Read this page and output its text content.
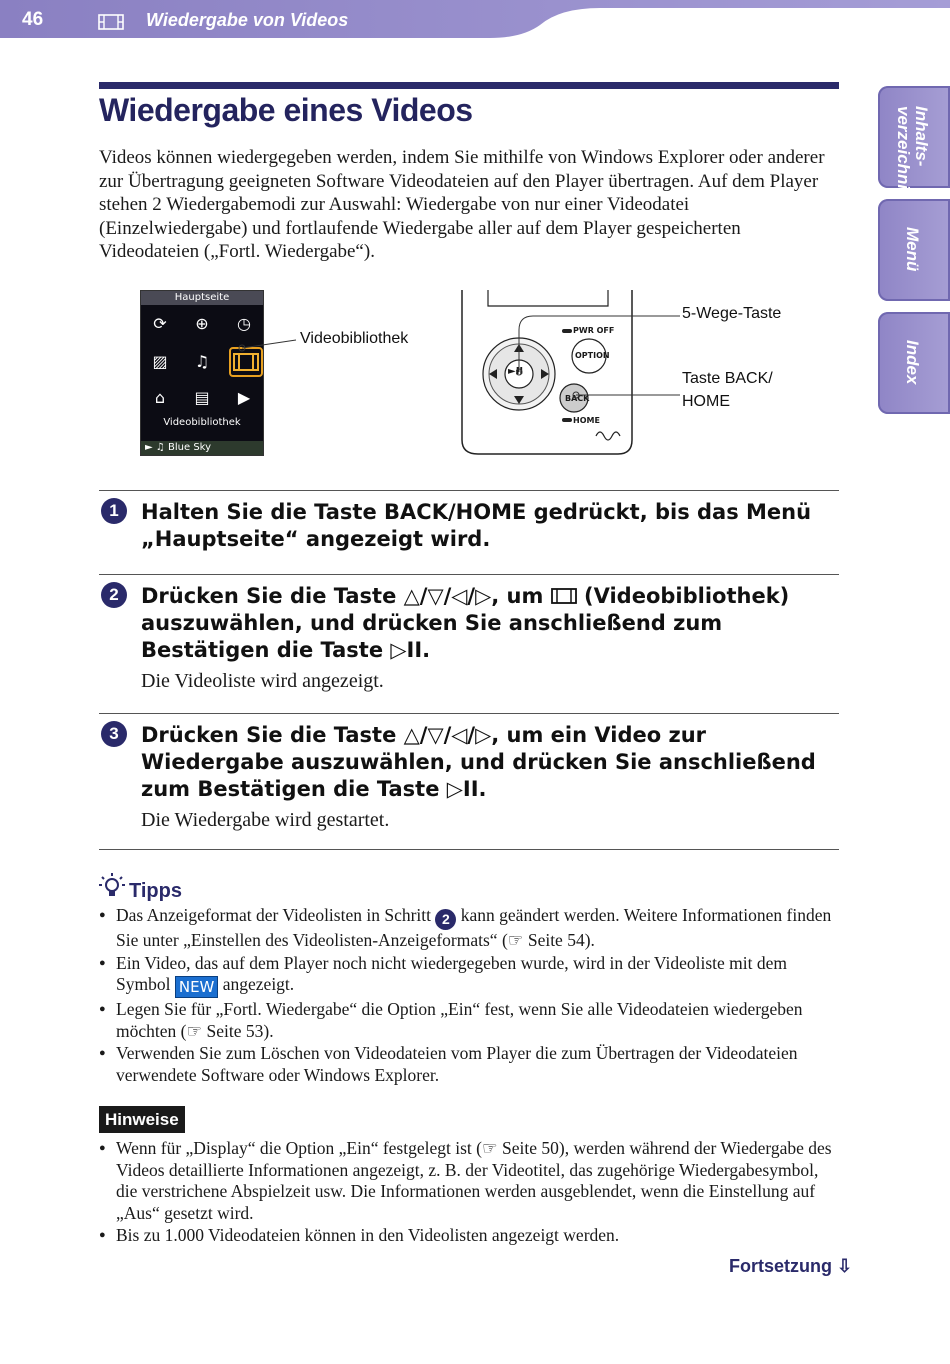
46	Wiedergabe von Videos
Inhalts-
verzeichnis
Menü
Index
Wiedergabe eines Videos

Videos können wiedergegeben werden, indem Sie mithilfe von Windows Explorer oder anderer zur Übertragung geeigneten Software Videodateien auf den Player übertragen. Auf dem Player stehen 2 Wiedergabemodi zur Auswahl: Wiedergabe von nur einer Videodatei (Einzelwiedergabe) und fortlaufende Wiedergabe aller auf dem Player gespeicherten Videodateien („Fortl. Wiedergabe“).

Hauptseite
⟳ ⊕ ◷
▨ ♫
⌂	▤	▶
Videobibliothek
► ♫ Blue Sky
Videobibliothek
►II
PWR OFF
OPTION
BACK
HOME
5-Wege-Taste
Taste BACK/
HOME
1	Halten Sie die Taste BACK/HOME gedrückt, bis das Menü „Hauptseite“ angezeigt wird.
2	Drücken Sie die Taste △/▽/◁/▷, um  (Videobibliothek) auszuwählen, und drücken Sie anschließend zum Bestätigen die Taste ▷II.
Die Videoliste wird angezeigt.
3	Drücken Sie die Taste △/▽/◁/▷, um ein Video zur Wiedergabe auszuwählen, und drücken Sie anschließend zum Bestätigen die Taste ▷II.
Die Wiedergabe wird gestartet.
Tipps
● Das Anzeigeformat der Videolisten in Schritt 2 kann geändert werden. Weitere Informationen finden Sie unter „Einstellen des Videolisten-Anzeigeformats“ (☞ Seite 54).
● Ein Video, das auf dem Player noch nicht wiedergegeben wurde, wird in der Videoliste mit dem Symbol NEW angezeigt.
● Legen Sie für „Fortl. Wiedergabe“ die Option „Ein“ fest, wenn Sie alle Videodateien wiedergeben möchten (☞ Seite 53).
● Verwenden Sie zum Löschen von Videodateien vom Player die zum Übertragen der Videodateien verwendete Software oder Windows Explorer.
Hinweise
● Wenn für „Display“ die Option „Ein“ festgelegt ist (☞ Seite 50), werden während der Wiedergabe des Videos detaillierte Informationen angezeigt, z. B. der Videotitel, das zugehörige Wiedergabesymbol, die verstrichene Abspielzeit usw. Die Informationen werden ausgeblendet, wenn die Einstellung auf „Aus“ gesetzt wird.
● Bis zu 1.000 Videodateien können in den Videolisten angezeigt werden.
Fortsetzung ⇩
